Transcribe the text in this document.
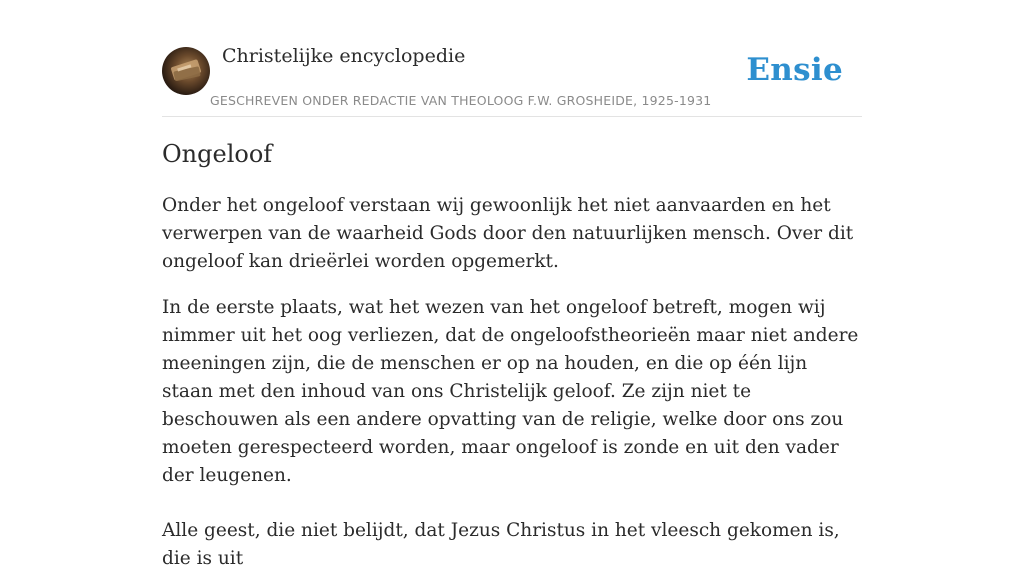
Christelijke encyclopedie
GESCHREVEN ONDER REDACTIE VAN THEOLOOG F.W. GROSHEIDE, 1925-1931
Ensie
Ongeloof

Onder het ongeloof verstaan wij gewoonlijk het niet aanvaarden en het verwerpen van de waarheid Gods door den natuurlijken mensch. Over dit ongeloof kan drieërlei worden opgemerkt.

In de eerste plaats, wat het wezen van het ongeloof betreft, mogen wij nimmer uit het oog verliezen, dat de ongeloofstheorieën maar niet andere meeningen zijn, die de menschen er op na houden, en die op één lijn staan met den inhoud van ons Christelijk geloof. Ze zijn niet te beschouwen als een andere opvatting van de religie, welke door ons zou moeten gerespecteerd worden, maar ongeloof is zonde en uit den vader der leugenen.

Alle geest, die niet belijdt, dat Jezus Christus in het vleesch gekomen is, die is uit
